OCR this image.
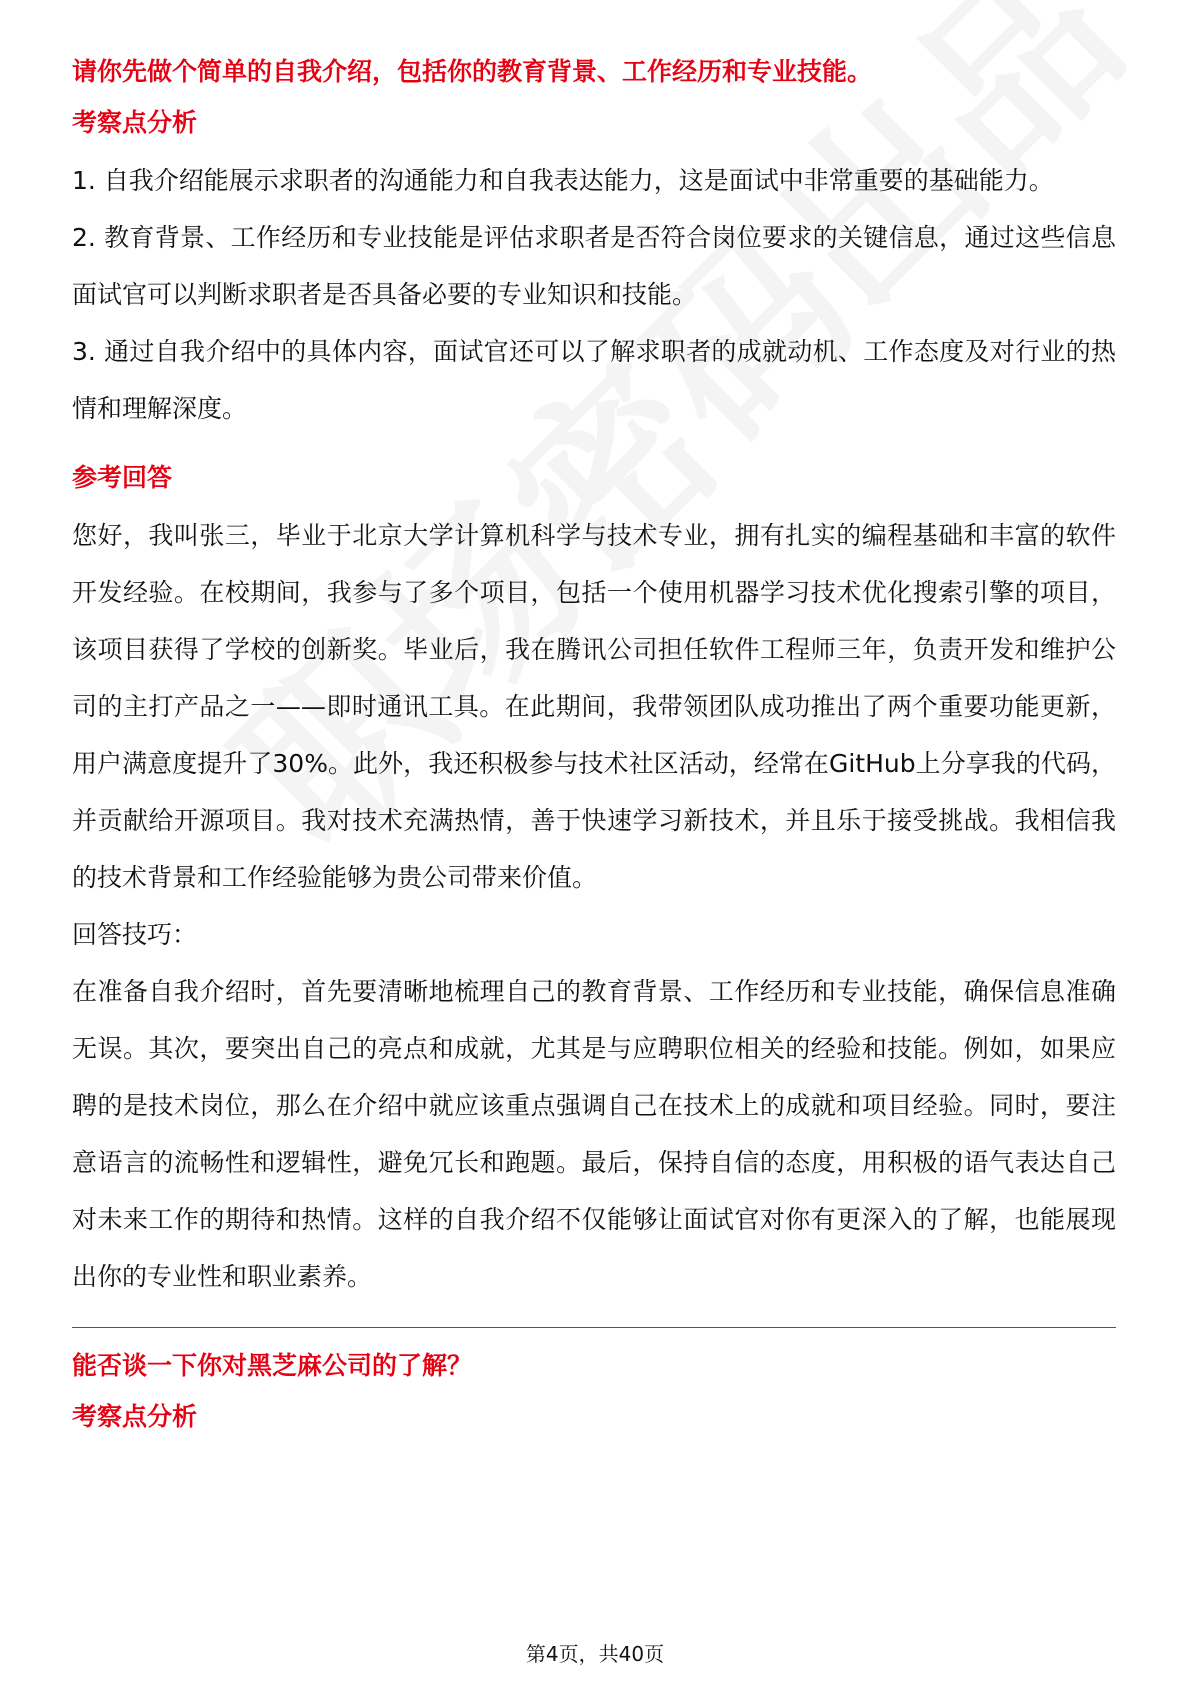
请你先做个简单的自我介绍，包括你的教育背景、工作经历和专业技能。
考察点分析
1. 自我介绍能展示求职者的沟通能力和自我表达能力，这是面试中非常重要的基础能力。
2. 教育背景、工作经历和专业技能是评估求职者是否符合岗位要求的关键信息，通过这些信息面试官可以判断求职者是否具备必要的专业知识和技能。
3. 通过自我介绍中的具体内容，面试官还可以了解求职者的成就动机、工作态度及对行业的热情和理解深度。
参考回答
您好，我叫张三，毕业于北京大学计算机科学与技术专业，拥有扎实的编程基础和丰富的软件开发经验。在校期间，我参与了多个项目，包括一个使用机器学习技术优化搜索引擎的项目，该项目获得了学校的创新奖。毕业后，我在腾讯公司担任软件工程师三年，负责开发和维护公司的主打产品之一——即时通讯工具。在此期间，我带领团队成功推出了两个重要功能更新，用户满意度提升了30%。此外，我还积极参与技术社区活动，经常在GitHub上分享我的代码，并贡献给开源项目。我对技术充满热情，善于快速学习新技术，并且乐于接受挑战。我相信我的技术背景和工作经验能够为贵公司带来价值。
回答技巧：
在准备自我介绍时，首先要清晰地梳理自己的教育背景、工作经历和专业技能，确保信息准确无误。其次，要突出自己的亮点和成就，尤其是与应聘职位相关的经验和技能。例如，如果应聘的是技术岗位，那么在介绍中就应该重点强调自己在技术上的成就和项目经验。同时，要注意语言的流畅性和逻辑性，避免冗长和跑题。最后，保持自信的态度，用积极的语气表达自己对未来工作的期待和热情。这样的自我介绍不仅能够让面试官对你有更深入的了解，也能展现出你的专业性和职业素养。
能否谈一下你对黑芝麻公司的了解？
考察点分析
第4页，共40页
